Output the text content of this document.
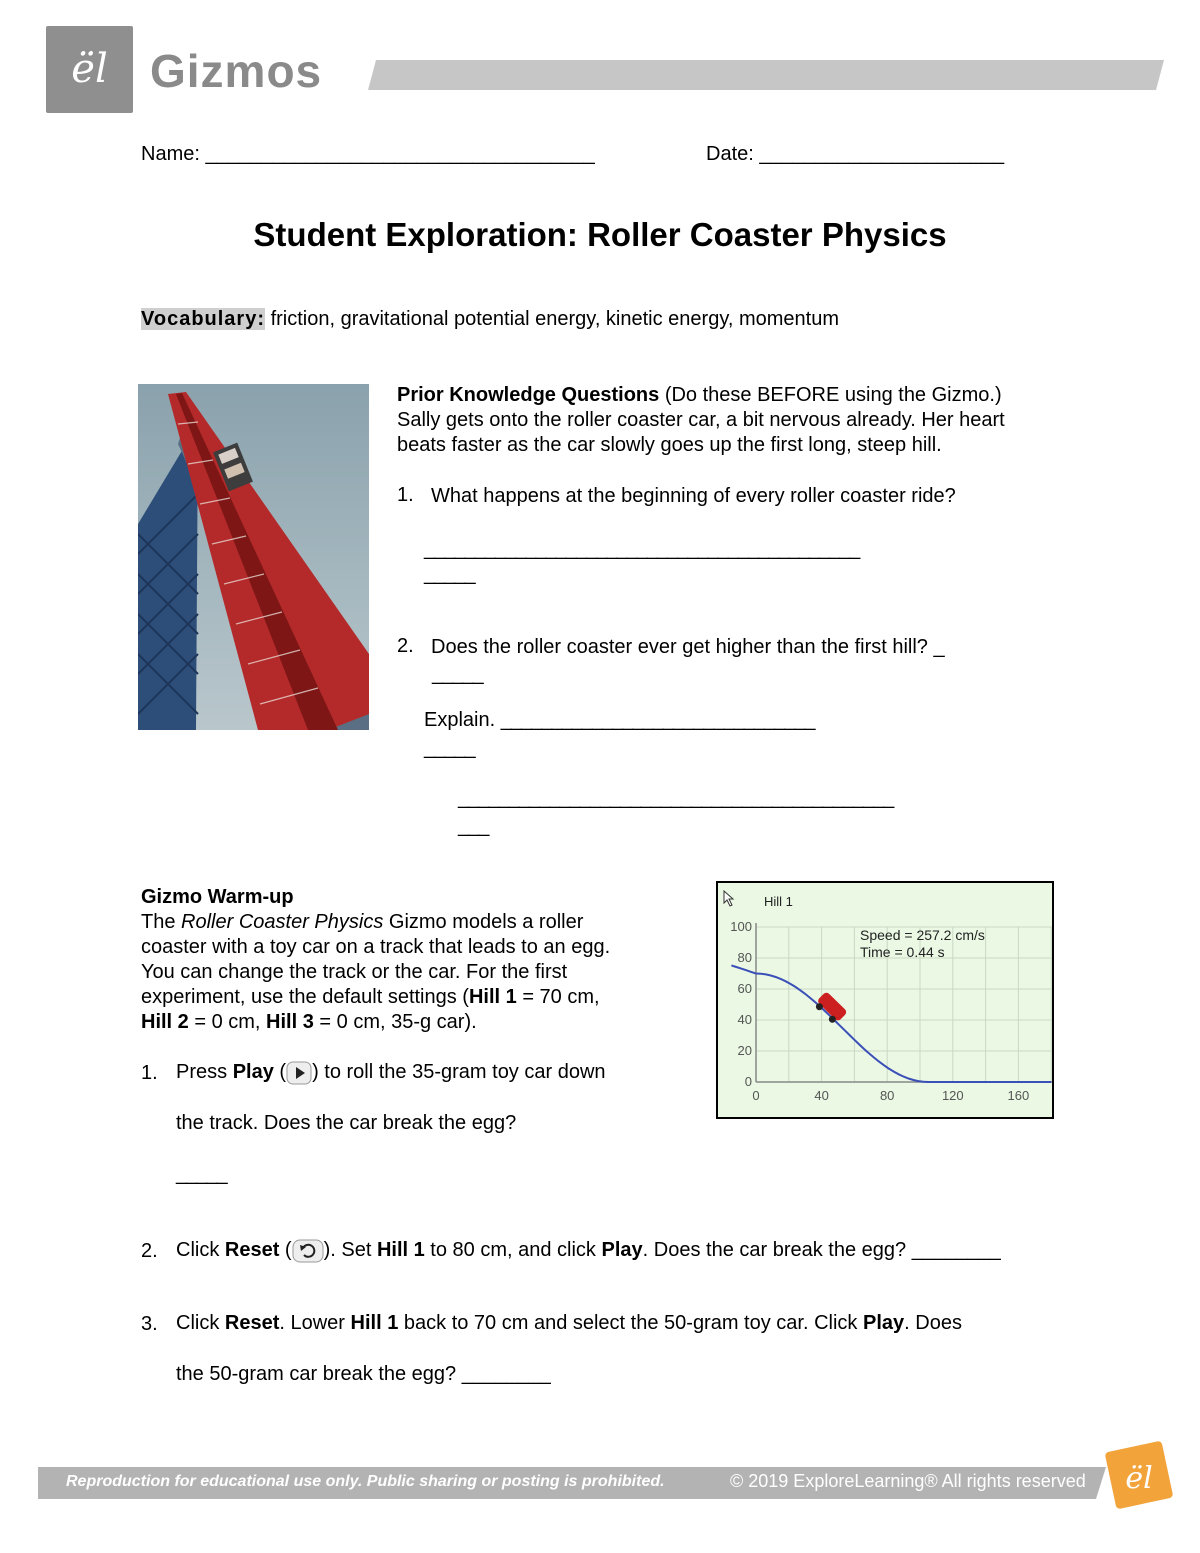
ël Gizmos
Name: ___________________________________	Date: ______________________
Student Exploration: Roller Coaster Physics
Vocabulary: friction, gravitational potential energy, kinetic energy, momentum
Prior Knowledge Questions (Do these BEFORE using the Gizmo.)
Sally gets onto the roller coaster car, a bit nervous already. Her heart
beats faster as the car slowly goes up the first long, steep hill.
1. What happens at the beginning of every roller coaster ride?
___________________________________________
_____
2. Does the roller coaster ever get higher than the first hill? _
_____
Explain. _______________________________
_____
___________________________________________
___
Gizmo Warm-up
The Roller Coaster Physics Gizmo models a roller
coaster with a toy car on a track that leads to an egg.
You can change the track or the car. For the first
experiment, use the default settings (Hill 1 = 70 cm,
Hill 2 = 0 cm, Hill 3 = 0 cm, 35-g car).
1. Press Play ( ) to roll the 35-gram toy car down
the track. Does the car break the egg?
_____
2. Click Reset ( ). Set Hill 1 to 80 cm, and click Play. Does the car break the egg? ________
3. Click Reset. Lower Hill 1 back to 70 cm and select the 50-gram toy car. Click Play. Does
the 50-gram car break the egg? ________
0
20
40
60
80
100
0	40	80	120	160
Hill 1
Speed = 257.2 cm/s
Time = 0.44 s
Reproduction for educational use only. Public sharing or posting is prohibited.	© 2019 ExploreLearning® All rights reserved ël
